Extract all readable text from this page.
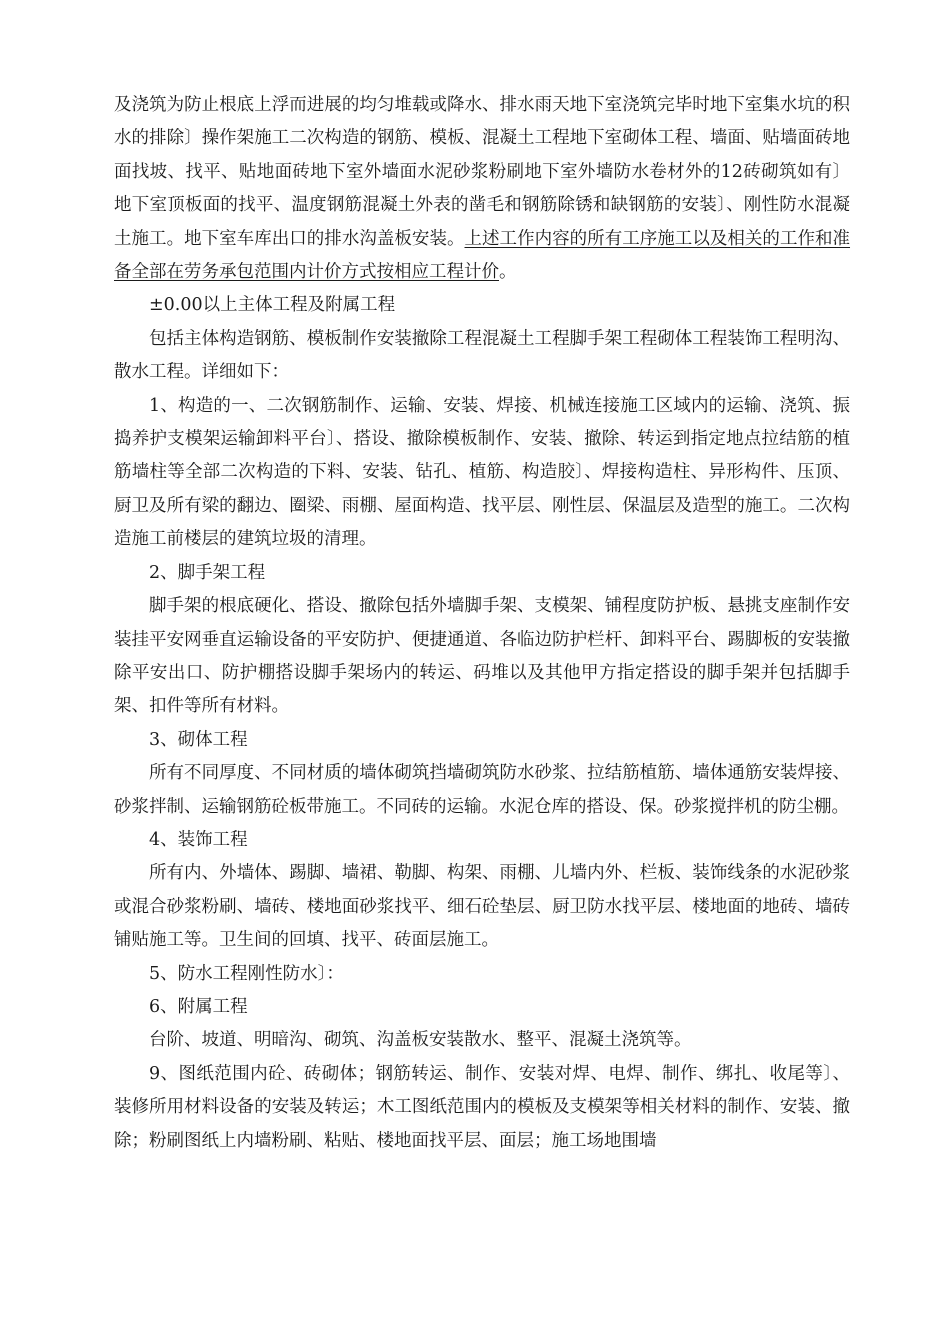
及浇筑为防止根底上浮而进展的均匀堆载或降水、排水雨天地下室浇筑完毕时地下室集水坑的积水的排除〕操作架施工二次构造的钢筋、模板、混凝土工程地下室砌体工程、墙面、贴墙面砖地面找坡、找平、贴地面砖地下室外墙面水泥砂浆粉刷地下室外墙防水卷材外的12砖砌筑如有〕地下室顶板面的找平、温度钢筋混凝土外表的凿毛和钢筋除锈和缺钢筋的安装〕、刚性防水混凝土施工。地下室车库出口的排水沟盖板安装。上述工作内容的所有工序施工以及相关的工作和准备全部在劳务承包范围内计价方式按相应工程计价。

±0.00以上主体工程及附属工程

包括主体构造钢筋、模板制作安装撤除工程混凝土工程脚手架工程砌体工程装饰工程明沟、散水工程。详细如下：

1、构造的一、二次钢筋制作、运输、安装、焊接、机械连接施工区域内的运输、浇筑、振捣养护支模架运输卸料平台〕、搭设、撤除模板制作、安装、撤除、转运到指定地点拉结筋的植筋墙柱等全部二次构造的下料、安装、钻孔、植筋、构造胶〕、焊接构造柱、异形构件、压顶、厨卫及所有梁的翻边、圈梁、雨棚、屋面构造、找平层、刚性层、保温层及造型的施工。二次构造施工前楼层的建筑垃圾的清理。

2、脚手架工程

脚手架的根底硬化、搭设、撤除包括外墙脚手架、支模架、铺程度防护板、悬挑支座制作安装挂平安网垂直运输设备的平安防护、便捷通道、各临边防护栏杆、卸料平台、踢脚板的安装撤除平安出口、防护棚搭设脚手架场内的转运、码堆以及其他甲方指定搭设的脚手架并包括脚手架、扣件等所有材料。

3、砌体工程

所有不同厚度、不同材质的墙体砌筑挡墙砌筑防水砂浆、拉结筋植筋、墙体通筋安装焊接、砂浆拌制、运输钢筋砼板带施工。不同砖的运输。水泥仓库的搭设、保。砂浆搅拌机的防尘棚。

4、装饰工程

所有内、外墙体、踢脚、墙裙、勒脚、构架、雨棚、儿墙内外、栏板、装饰线条的水泥砂浆或混合砂浆粉刷、墙砖、楼地面砂浆找平、细石砼垫层、厨卫防水找平层、楼地面的地砖、墙砖铺贴施工等。卫生间的回填、找平、砖面层施工。

5、防水工程刚性防水〕：

6、附属工程

台阶、坡道、明暗沟、砌筑、沟盖板安装散水、整平、混凝土浇筑等。

9、图纸范围内砼、砖砌体；钢筋转运、制作、安装对焊、电焊、制作、绑扎、收尾等〕、装修所用材料设备的安装及转运；木工图纸范围内的模板及支模架等相关材料的制作、安装、撤除；粉刷图纸上内墙粉刷、粘贴、楼地面找平层、面层；施工场地围墙
